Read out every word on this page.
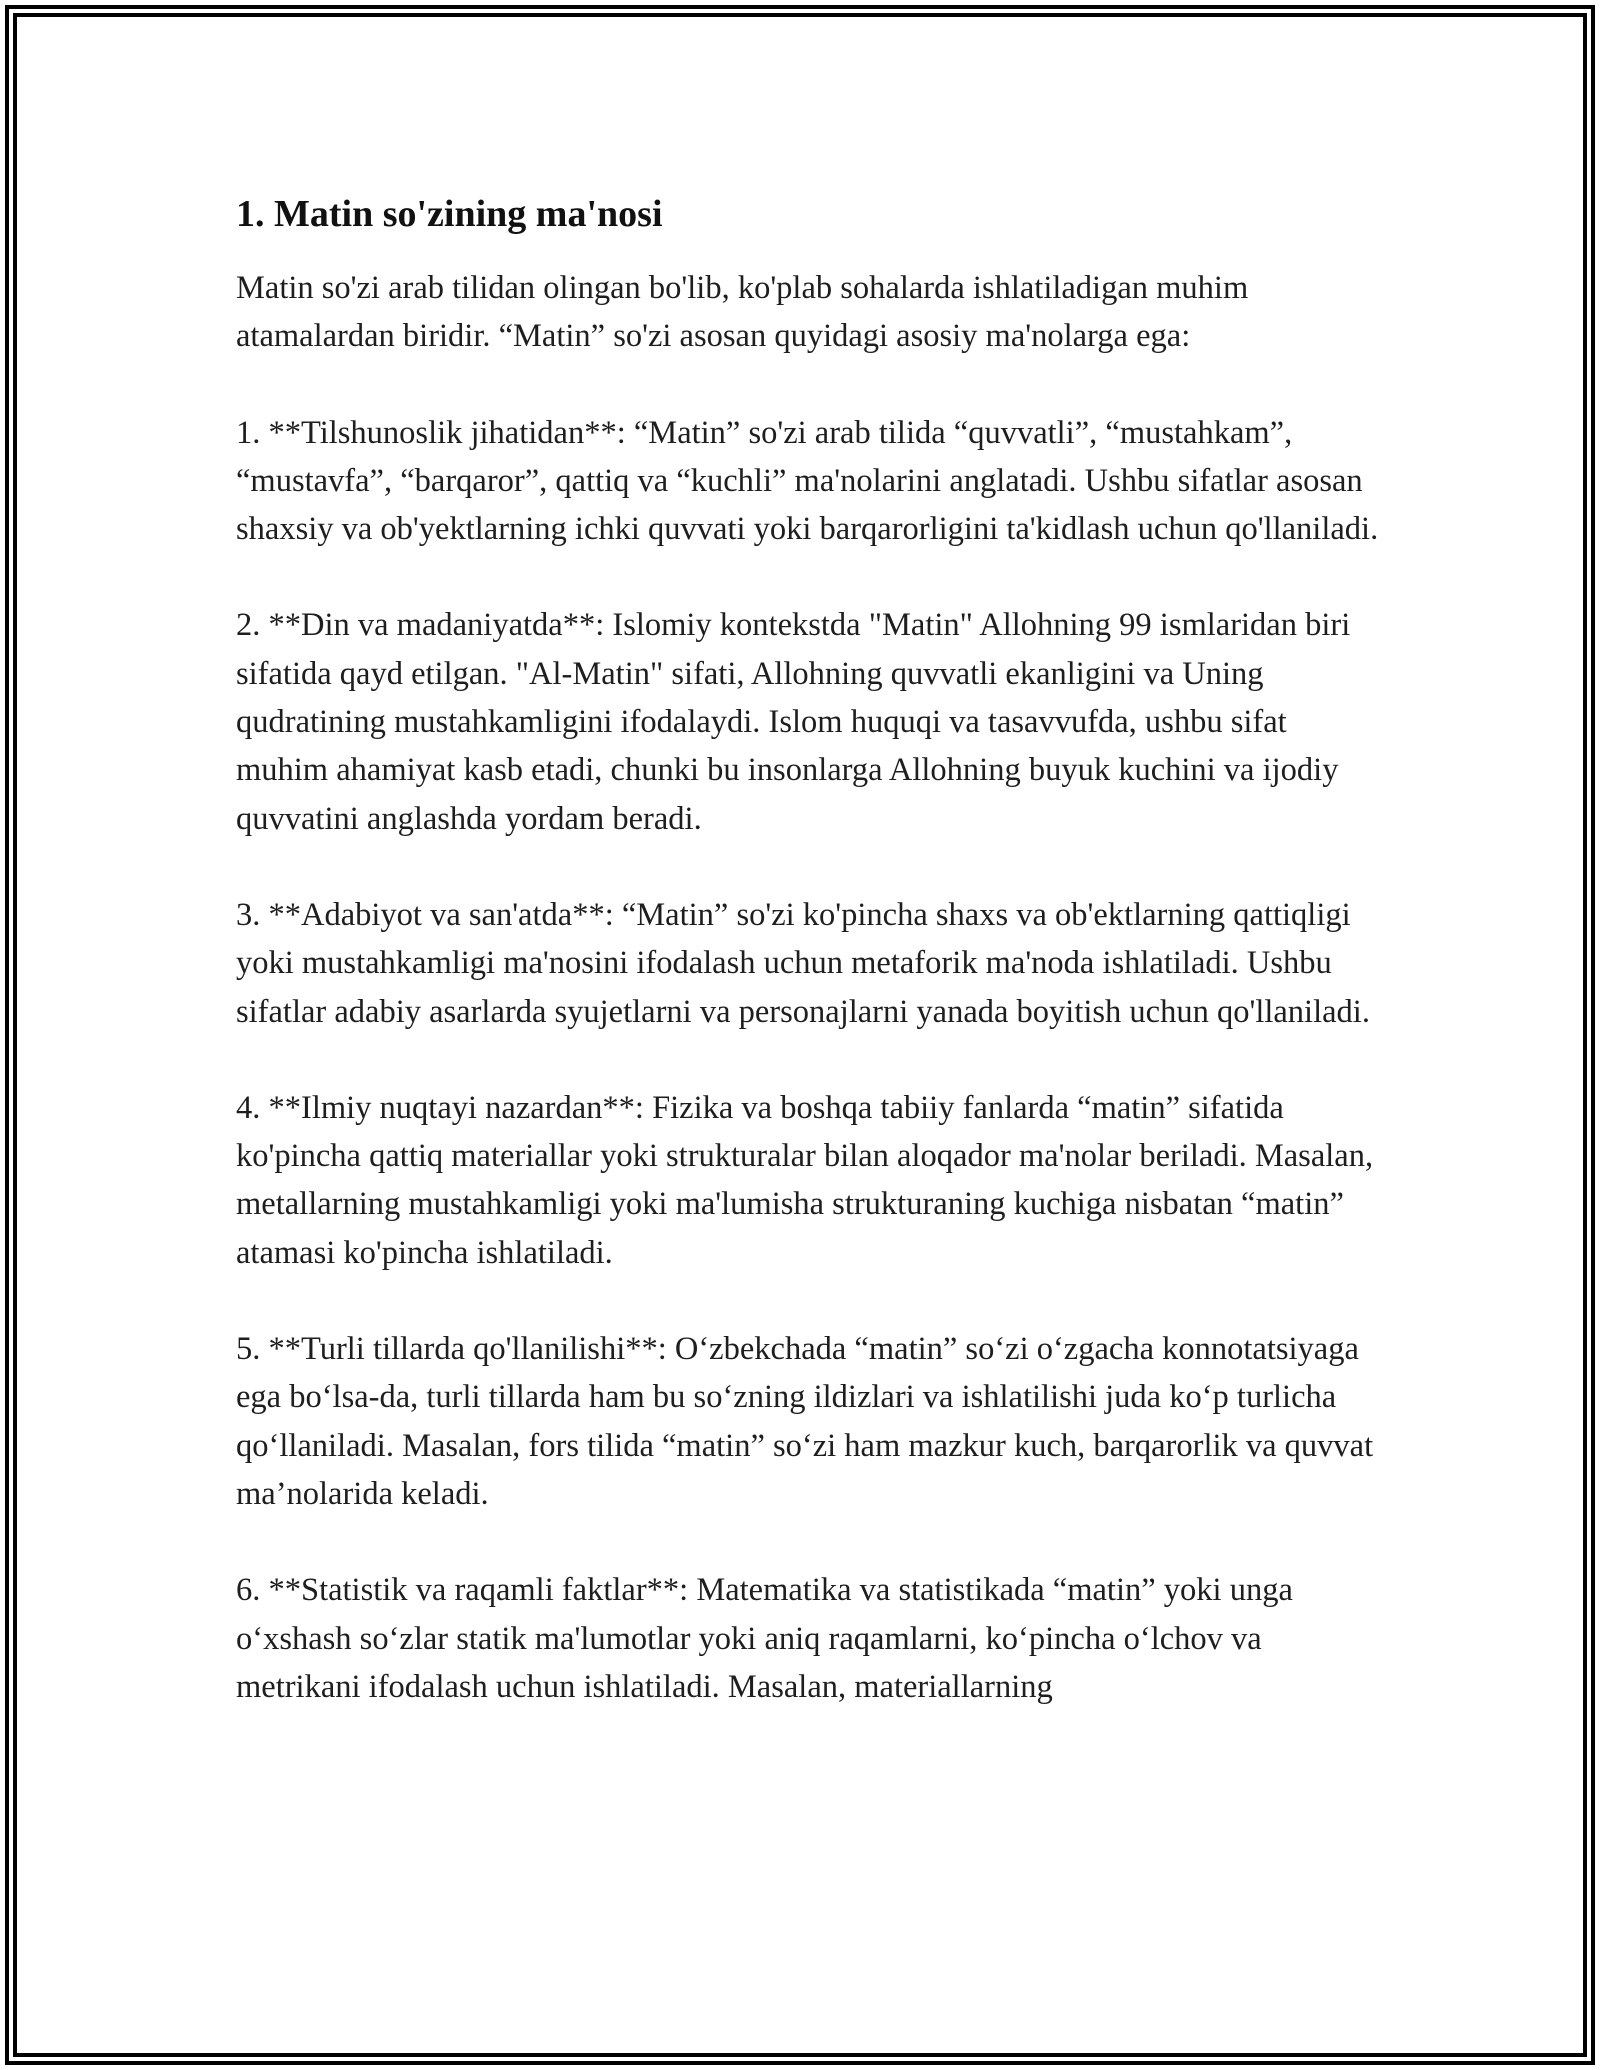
1. Matin so'zining ma'nosi

Matin so'zi arab tilidan olingan bo'lib, ko'plab sohalarda ishlatiladigan muhim atamalardan biridir. “Matin” so'zi asosan quyidagi asosiy ma'nolarga ega:

1. **Tilshunoslik jihatidan**: “Matin” so'zi arab tilida “quvvatli”, “mustahkam”, “mustavfa”, “barqaror”, qattiq va “kuchli” ma'nolarini anglatadi. Ushbu sifatlar asosan shaxsiy va ob'yektlarning ichki quvvati yoki barqarorligini ta'kidlash uchun qo'llaniladi.

2. **Din va madaniyatda**: Islomiy kontekstda "Matin" Allohning 99 ismlaridan biri sifatida qayd etilgan. "Al-Matin" sifati, Allohning quvvatli ekanligini va Uning qudratining mustahkamligini ifodalaydi. Islom huquqi va tasavvufda, ushbu sifat muhim ahamiyat kasb etadi, chunki bu insonlarga Allohning buyuk kuchini va ijodiy quvvatini anglashda yordam beradi.

3. **Adabiyot va san'atda**: “Matin” so'zi ko'pincha shaxs va ob'ektlarning qattiqligi yoki mustahkamligi ma'nosini ifodalash uchun metaforik ma'noda ishlatiladi. Ushbu sifatlar adabiy asarlarda syujetlarni va personajlarni yanada boyitish uchun qo'llaniladi.

4. **Ilmiy nuqtayi nazardan**: Fizika va boshqa tabiiy fanlarda “matin” sifatida ko'pincha qattiq materiallar yoki strukturalar bilan aloqador ma'nolar beriladi. Masalan, metallarning mustahkamligi yoki ma'lumisha strukturaning kuchiga nisbatan “matin” atamasi ko'pincha ishlatiladi.

5. **Turli tillarda qo'llanilishi**: O‘zbekchada “matin” so‘zi o‘zgacha konnotatsiyaga ega bo‘lsa-da, turli tillarda ham bu so‘zning ildizlari va ishlatilishi juda ko‘p turlicha qo‘llaniladi. Masalan, fors tilida “matin” so‘zi ham mazkur kuch, barqarorlik va quvvat ma’nolarida keladi.

6. **Statistik va raqamli faktlar**: Matematika va statistikada “matin” yoki unga o‘xshash so‘zlar statik ma'lumotlar yoki aniq raqamlarni, ko‘pincha o‘lchov va metrikani ifodalash uchun ishlatiladi. Masalan, materiallarning
